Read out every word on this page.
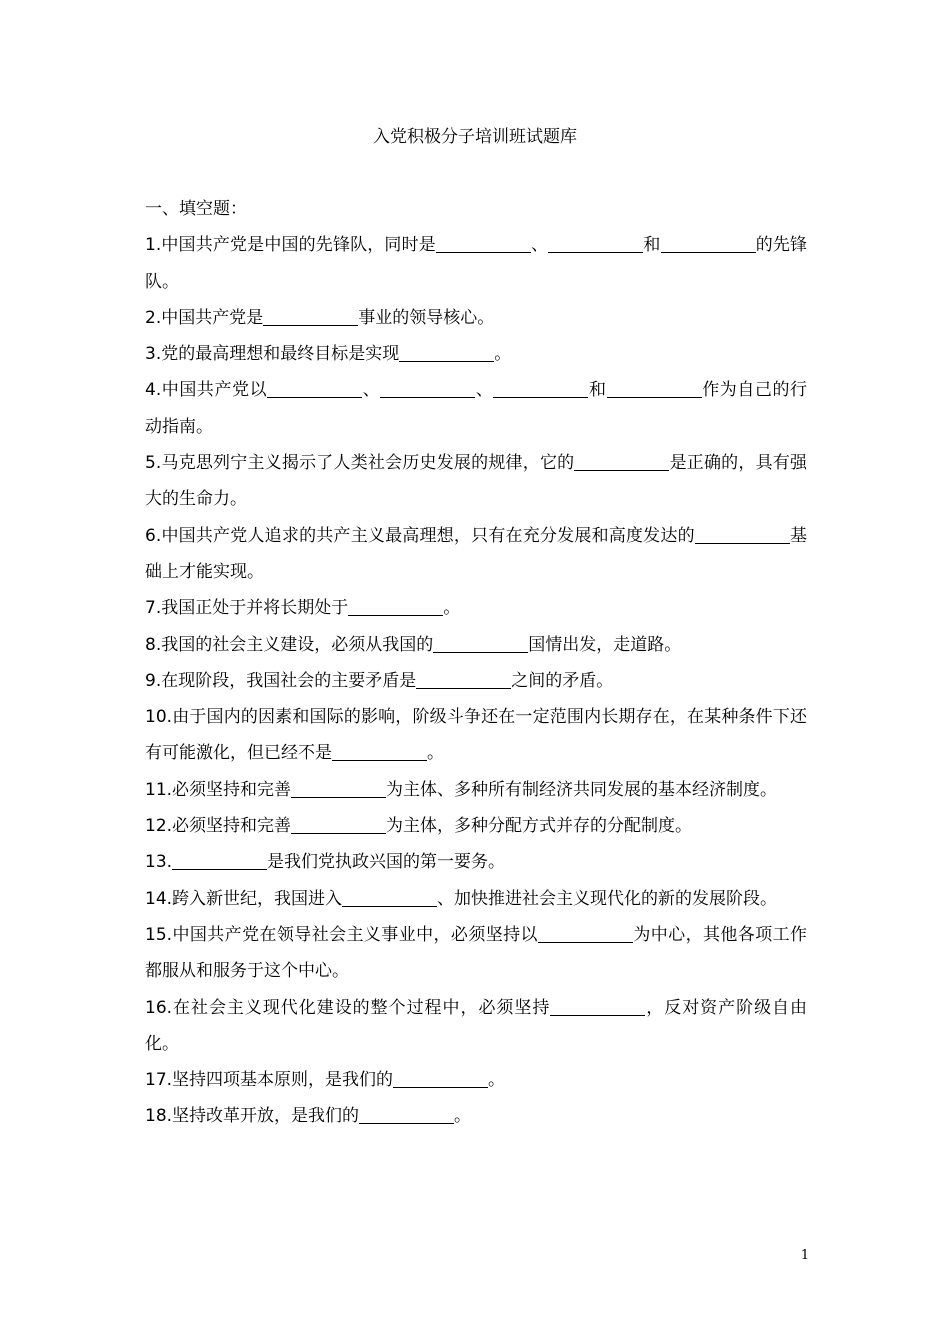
入党积极分子培训班试题库

一、填空题：

1.中国共产党是中国的先锋队，同时是	、	和	的先锋队。

2.中国共产党是	事业的领导核心。

3.党的最高理想和最终目标是实现	。

4.中国共产党以	、	、	和	作为自己的行动指南。

5.马克思列宁主义揭示了人类社会历史发展的规律，它的	是正确的，具有强大的生命力。

6.中国共产党人追求的共产主义最高理想，只有在充分发展和高度发达的	基础上才能实现。

7.我国正处于并将长期处于	。

8.我国的社会主义建设，必须从我国的	国情出发，走道路。

9.在现阶段，我国社会的主要矛盾是	之间的矛盾。

10.由于国内的因素和国际的影响，阶级斗争还在一定范围内长期存在，在某种条件下还有可能激化，但已经不是	。

11.必须坚持和完善	为主体、多种所有制经济共同发展的基本经济制度。

12.必须坚持和完善	为主体，多种分配方式并存的分配制度。

13.	是我们党执政兴国的第一要务。

14.跨入新世纪，我国进入	、加快推进社会主义现代化的新的发展阶段。

15.中国共产党在领导社会主义事业中，必须坚持以	为中心，其他各项工作都服从和服务于这个中心。

16.在社会主义现代化建设的整个过程中，必须坚持	，反对资产阶级自由化。

17.坚持四项基本原则，是我们的	。

18.坚持改革开放，是我们的	。

1
